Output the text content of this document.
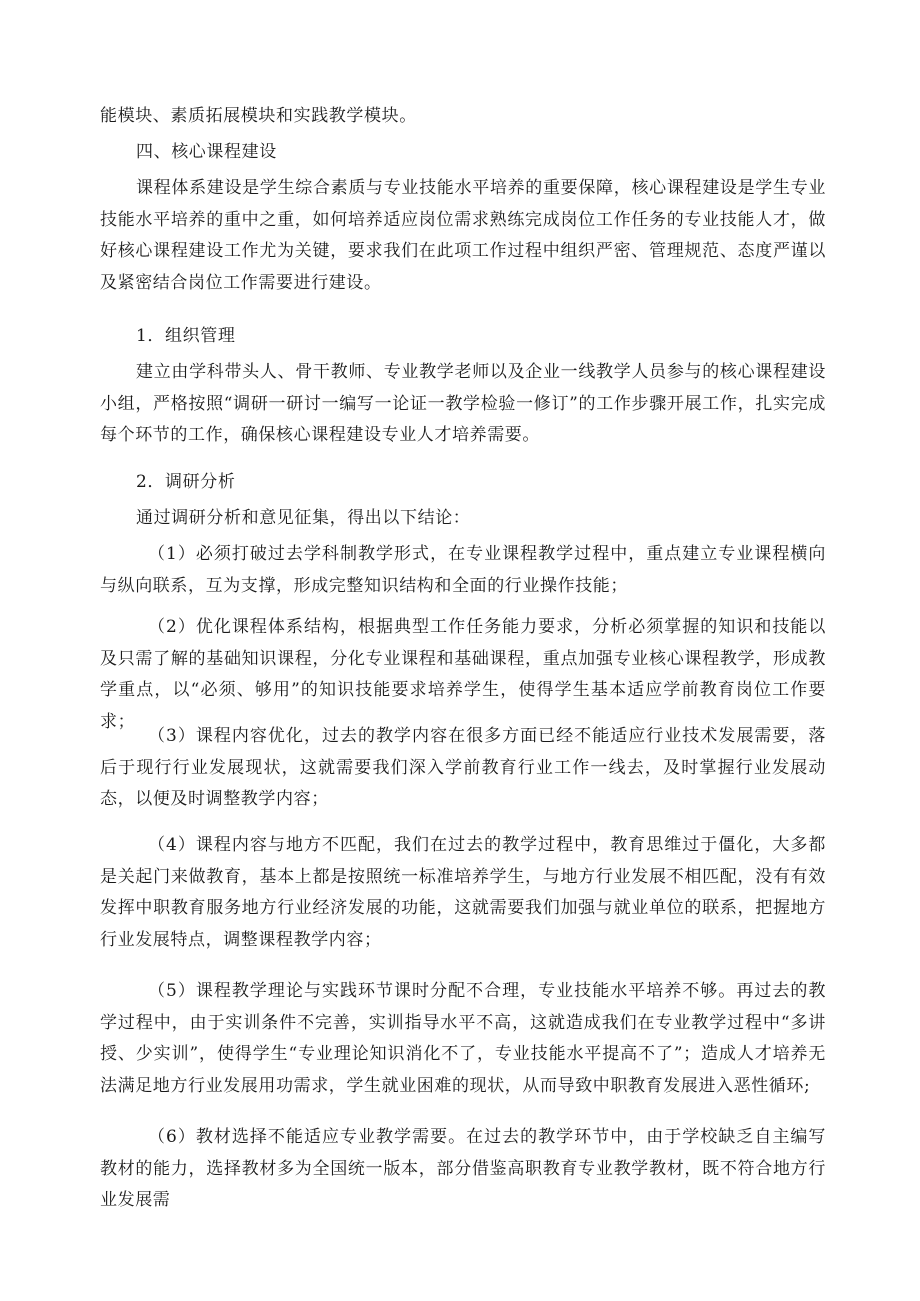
能模块、素质拓展模块和实践教学模块。
四、核心课程建设
课程体系建设是学生综合素质与专业技能水平培养的重要保障，核心课程建设是学生专业技能水平培养的重中之重，如何培养适应岗位需求熟练完成岗位工作任务的专业技能人才，做好核心课程建设工作尤为关键，要求我们在此项工作过程中组织严密、管理规范、态度严谨以及紧密结合岗位工作需要进行建设。
1．组织管理
建立由学科带头人、骨干教师、专业教学老师以及企业一线教学人员参与的核心课程建设小组，严格按照“调研一研讨一编写一论证一教学检验一修订”的工作步骤开展工作，扎实完成每个环节的工作，确保核心课程建设专业人才培养需要。
2．调研分析
通过调研分析和意见征集，得出以下结论：
（1）必须打破过去学科制教学形式，在专业课程教学过程中，重点建立专业课程横向与纵向联系，互为支撑，形成完整知识结构和全面的行业操作技能；
（2）优化课程体系结构，根据典型工作任务能力要求，分析必须掌握的知识和技能以及只需了解的基础知识课程，分化专业课程和基础课程，重点加强专业核心课程教学，形成教学重点，以“必须、够用”的知识技能要求培养学生，使得学生基本适应学前教育岗位工作要求；
（3）课程内容优化，过去的教学内容在很多方面已经不能适应行业技术发展需要，落后于现行行业发展现状，这就需要我们深入学前教育行业工作一线去，及时掌握行业发展动态，以便及时调整教学内容；
（4）课程内容与地方不匹配，我们在过去的教学过程中，教育思维过于僵化，大多都是关起门来做教育，基本上都是按照统一标准培养学生，与地方行业发展不相匹配，没有有效发挥中职教育服务地方行业经济发展的功能，这就需要我们加强与就业单位的联系，把握地方行业发展特点，调整课程教学内容；
（5）课程教学理论与实践环节课时分配不合理，专业技能水平培养不够。再过去的教学过程中，由于实训条件不完善，实训指导水平不高，这就造成我们在专业教学过程中“多讲授、少实训”，使得学生“专业理论知识消化不了，专业技能水平提高不了”；造成人才培养无法满足地方行业发展用功需求，学生就业困难的现状，从而导致中职教育发展进入恶性循环;
（6）教材选择不能适应专业教学需要。在过去的教学环节中，由于学校缺乏自主编写教材的能力，选择教材多为全国统一版本，部分借鉴高职教育专业教学教材，既不符合地方行业发展需
